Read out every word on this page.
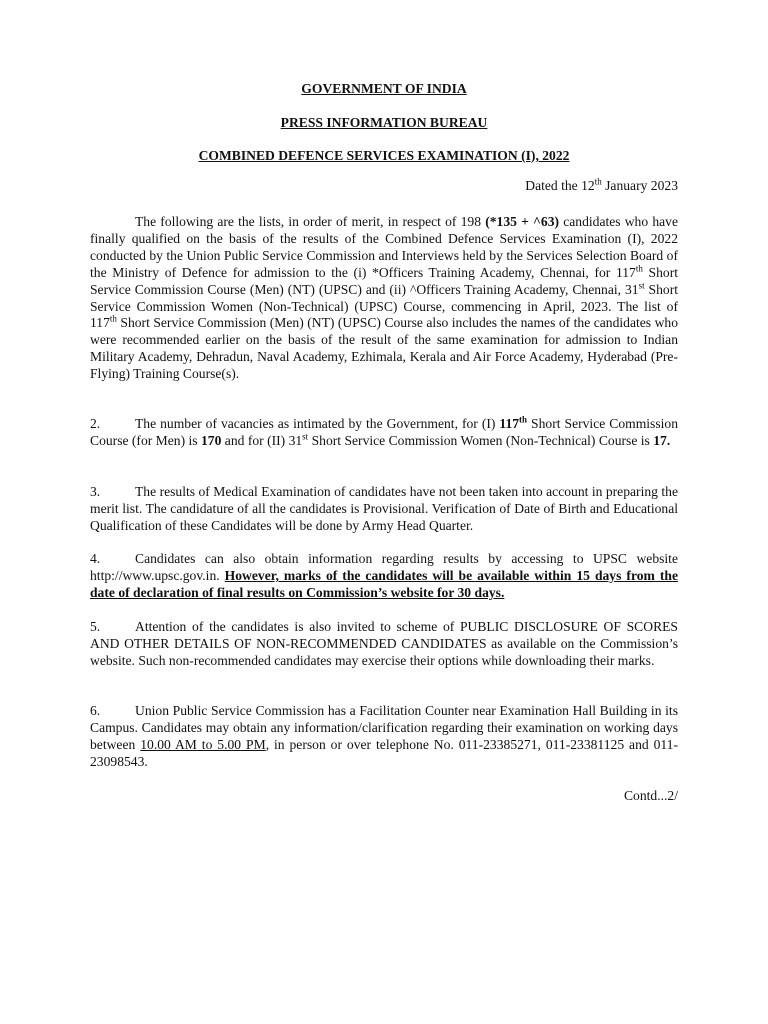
GOVERNMENT OF INDIA
PRESS INFORMATION BUREAU
COMBINED DEFENCE SERVICES EXAMINATION (I), 2022
Dated the 12th January 2023
The following are the lists, in order of merit, in respect of 198 (*135 + ^63) candidates who have finally qualified on the basis of the results of the Combined Defence Services Examination (I), 2022 conducted by the Union Public Service Commission and Interviews held by the Services Selection Board of the Ministry of Defence for admission to the (i) *Officers Training Academy, Chennai, for 117th Short Service Commission Course (Men) (NT) (UPSC) and (ii) ^Officers Training Academy, Chennai, 31st Short Service Commission Women (Non-Technical) (UPSC) Course, commencing in April, 2023. The list of 117th Short Service Commission (Men) (NT) (UPSC) Course also includes the names of the candidates who were recommended earlier on the basis of the result of the same examination for admission to Indian Military Academy, Dehradun, Naval Academy, Ezhimala, Kerala and Air Force Academy, Hyderabad (Pre-Flying) Training Course(s).
2.	The number of vacancies as intimated by the Government, for (I) 117th Short Service Commission Course (for Men) is 170 and for (II) 31st Short Service Commission Women (Non-Technical) Course is 17.
3.	The results of Medical Examination of candidates have not been taken into account in preparing the merit list. The candidature of all the candidates is Provisional. Verification of Date of Birth and Educational Qualification of these Candidates will be done by Army Head Quarter.
4.	Candidates can also obtain information regarding results by accessing to UPSC website http://www.upsc.gov.in. However, marks of the candidates will be available within 15 days from the date of declaration of final results on Commission’s website for 30 days.
5.	Attention of the candidates is also invited to scheme of PUBLIC DISCLOSURE OF SCORES AND OTHER DETAILS OF NON-RECOMMENDED CANDIDATES as available on the Commission’s website. Such non-recommended candidates may exercise their options while downloading their marks.
6.	Union Public Service Commission has a Facilitation Counter near Examination Hall Building in its Campus. Candidates may obtain any information/clarification regarding their examination on working days between 10.00 AM to 5.00 PM, in person or over telephone No. 011-23385271, 011-23381125 and 011-23098543.
Contd...2/
